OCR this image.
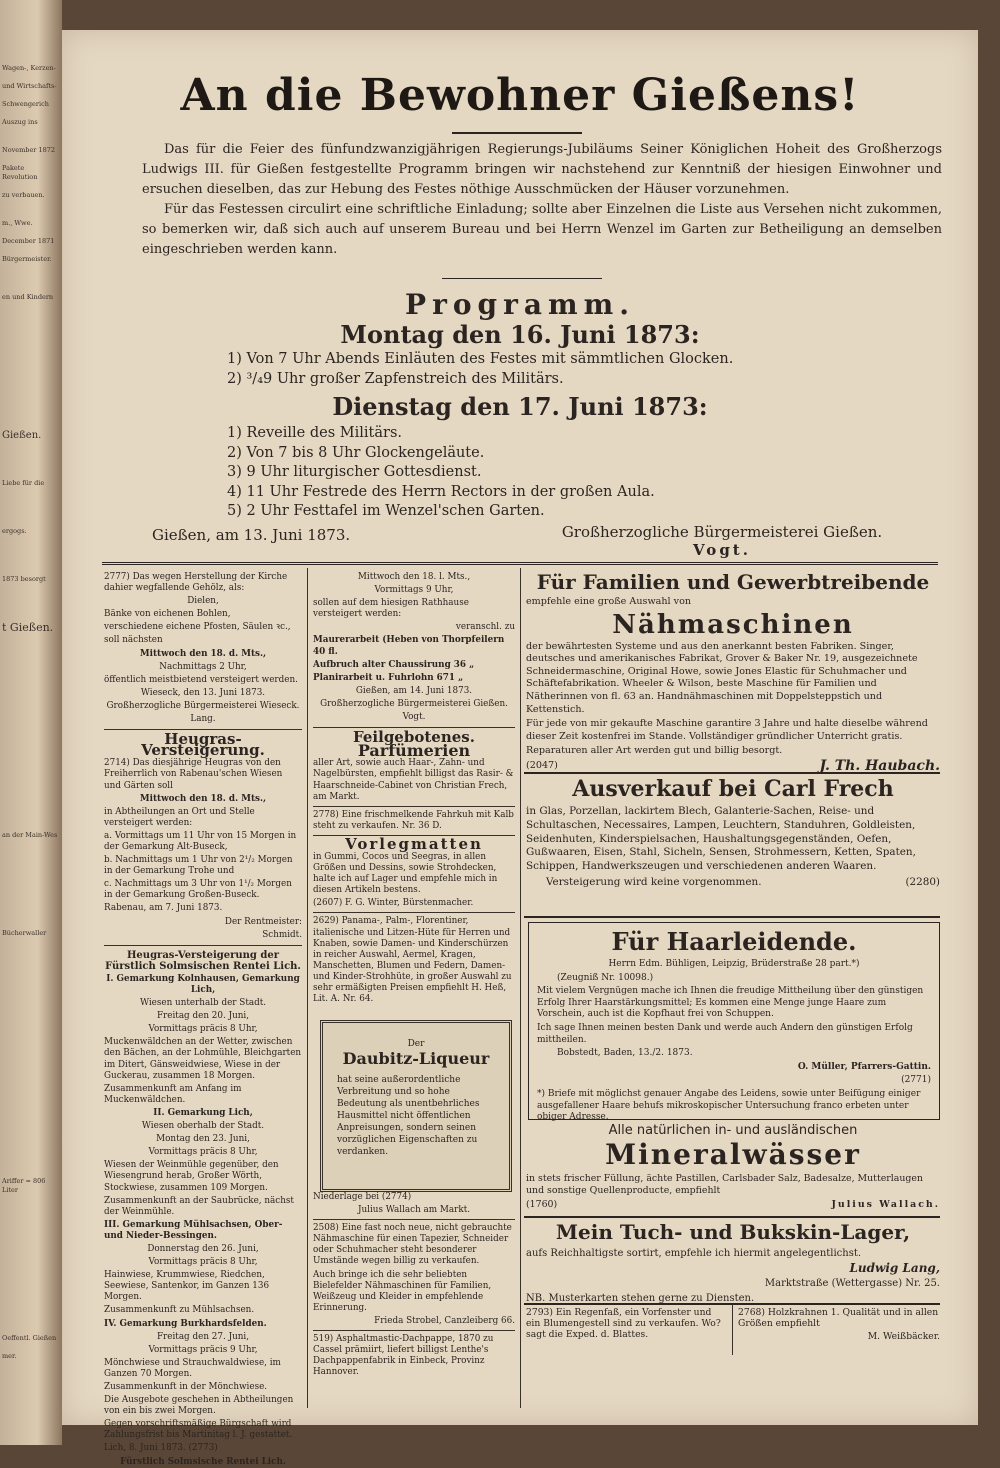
Wagen-, Kerzen-

und Wirtschafts-

Schwengerich

Auszug ins

November 1872

Pakete Revolution

zu verbauen.

m., Wwe.

December 1871

Bürgermeister.

en und Kindern

Gießen.

Liebe für die

ergogs.

1873 besorgt

t Gießen.

an der Main-Wes

Bücherwaller

Ariffer = 806 Liter

Oeffentl. Gießen

mer.

An die Bewohner Gießens!

Das für die Feier des fünfundzwanzigjährigen Regierungs-Jubiläums Seiner Königlichen Hoheit des Großherzogs Ludwigs III. für Gießen festgestellte Programm bringen wir nachstehend zur Kenntniß der hiesigen Einwohner und ersuchen dieselben, das zur Hebung des Festes nöthige Ausschmücken der Häuser vorzunehmen.

Für das Festessen circulirt eine schriftliche Einladung; sollte aber Einzelnen die Liste aus Versehen nicht zukommen, so bemerken wir, daß sich auch auf unserem Bureau und bei Herrn Wenzel im Garten zur Betheiligung an demselben eingeschrieben werden kann.

Programm.
Montag den 16. Juni 1873:
1) Von 7 Uhr Abends Einläuten des Festes mit sämmtlichen Glocken.
2) ³/₄9 Uhr großer Zapfenstreich des Militärs.
Dienstag den 17. Juni 1873:
1) Reveille des Militärs.
2) Von 7 bis 8 Uhr Glockengeläute.
3) 9 Uhr liturgischer Gottesdienst.
4) 11 Uhr Festrede des Herrn Rectors in der großen Aula.
5) 2 Uhr Festtafel im Wenzel'schen Garten.
Gießen, am 13. Juni 1873.	Großherzogliche Bürgermeisterei Gießen.
Vogt.

2777) Das wegen Herstellung der Kirche dahier wegfallende Gehölz, als:

Dielen,

Bänke von eichenen Bohlen,

verschiedene eichene Pfosten, Säulen ꝛc.,

soll nächsten

Mittwoch den 18. d. Mts.,

Nachmittags 2 Uhr,

öffentlich meistbietend versteigert werden.

Wieseck, den 13. Juni 1873.

Großherzogliche Bürgermeisterei Wieseck.

Lang.

Heugras-Versteigerung.

2714) Das diesjährige Heugras von den Freiherrlich von Rabenau'schen Wiesen und Gärten soll

Mittwoch den 18. d. Mts.,

in Abtheilungen an Ort und Stelle versteigert werden:

a. Vormittags um 11 Uhr von 15 Morgen in der Gemarkung Alt-Buseck,

b. Nachmittags um 1 Uhr von 2¹/₂ Morgen in der Gemarkung Trohe und

c. Nachmittags um 3 Uhr von 1¹/₂ Morgen in der Gemarkung Großen-Buseck.

Rabenau, am 7. Juni 1873.

Der Rentmeister:

Schmidt.

Heugras-Versteigerung der Fürstlich Solmsischen Rentei Lich.

I. Gemarkung Kolnhausen, Gemarkung Lich,

Wiesen unterhalb der Stadt.

Freitag den 20. Juni,

Vormittags präcis 8 Uhr,

Muckenwäldchen an der Wetter, zwischen den Bächen, an der Lohmühle, Bleichgarten im Ditert, Gänsweidwiese, Wiese in der Guckerau, zusammen 18 Morgen.

Zusammenkunft am Anfang im Muckenwäldchen.

II. Gemarkung Lich,

Wiesen oberhalb der Stadt.

Montag den 23. Juni,

Vormittags präcis 8 Uhr,

Wiesen der Weinmühle gegenüber, den Wiesengrund herab, Großer Wörth, Stockwiese, zusammen 109 Morgen.

Zusammenkunft an der Saubrücke, nächst der Weinmühle.

III. Gemarkung Mühlsachsen, Ober- und Nieder-Bessingen.

Donnerstag den 26. Juni,

Vormittags präcis 8 Uhr,

Hainwiese, Krummwiese, Riedchen, Seewiese, Santenkor, im Ganzen 136 Morgen.

Zusammenkunft zu Mühlsachsen.

IV. Gemarkung Burkhardsfelden.

Freitag den 27. Juni,

Vormittags präcis 9 Uhr,

Mönchwiese und Strauchwaldwiese, im Ganzen 70 Morgen.

Zusammenkunft in der Mönchwiese.

Die Ausgebote geschehen in Abtheilungen von ein bis zwei Morgen.

Gegen vorschriftsmäßige Bürgschaft wird Zahlungsfrist bis Martinitag l. J. gestattet.

Lich, 8. Juni 1873. (2773)

Fürstlich Solmsische Rentei Lich.

Mittwoch den 18. l. Mts.,

Vormittags 9 Uhr,

sollen auf dem hiesigen Rathhause versteigert werden:

veranschl. zu

Maurerarbeit (Heben von Thorpfeilern 40 fl.

Aufbruch alter Chaussirung 36 „

Planirarbeit u. Fuhrlohn 671 „

Gießen, am 14. Juni 1873.

Großherzogliche Bürgermeisterei Gießen.

Vogt.

Feilgebotenes.

Parfümerien

aller Art, sowie auch Haar-, Zahn- und Nagelbürsten, empfiehlt billigst das Rasir- & Haarschneide-Cabinet von Christian Frech, am Markt.

2778) Eine frischmelkende Fahrkuh mit Kalb steht zu verkaufen. Nr. 36 D.

Vorlegmatten

in Gummi, Cocos und Seegras, in allen Größen und Dessins, sowie Strohdecken, halte ich auf Lager und empfehle mich in diesen Artikeln bestens.

(2607) F. G. Winter, Bürstenmacher.

2629) Panama-, Palm-, Florentiner, italienische und Litzen-Hüte für Herren und Knaben, sowie Damen- und Kinderschürzen in reicher Auswahl, Aermel, Kragen, Manschetten, Blumen und Federn, Damen- und Kinder-Strohhüte, in großer Auswahl zu sehr ermäßigten Preisen empfiehlt H. Heß, Lit. A. Nr. 64.

Der
Daubitz-Liqueur
hat seine außerordentliche Verbreitung und so hohe Bedeutung als unentbehrliches Hausmittel nicht öffentlichen Anpreisungen, sondern seinen vorzüglichen Eigenschaften zu verdanken.

Niederlage bei (2774)

Julius Wallach am Markt.

2508) Eine fast noch neue, nicht gebrauchte Nähmaschine für einen Tapezier, Schneider oder Schuhmacher steht besonderer Umstände wegen billig zu verkaufen.

Auch bringe ich die sehr beliebten Bielefelder Nähmaschinen für Familien, Weißzeug und Kleider in empfehlende Erinnerung.

Frieda Strobel, Canzleiberg 66.

519) Asphaltmastic-Dachpappe, 1870 zu Cassel prämiirt, liefert billigst Lenthe's Dachpappenfabrik in Einbeck, Provinz Hannover.

Für Familien und Gewerbtreibende

empfehle eine große Auswahl von

Nähmaschinen

der bewährtesten Systeme und aus den anerkannt besten Fabriken. Singer, deutsches und amerikanisches Fabrikat, Grover & Baker Nr. 19, ausgezeichnete Schneidermaschine, Original Howe, sowie Jones Elastic für Schuhmacher und Schäftefabrikation. Wheeler & Wilson, beste Maschine für Familien und Nätherinnen von fl. 63 an. Handnähmaschinen mit Doppelsteppstich und Kettenstich.

Für jede von mir gekaufte Maschine garantire 3 Jahre und halte dieselbe während dieser Zeit kostenfrei im Stande. Vollständiger gründlicher Unterricht gratis.

Reparaturen aller Art werden gut und billig besorgt.

(2047)	J. Th. Haubach.

Ausverkauf bei Carl Frech

in Glas, Porzellan, lackirtem Blech, Galanterie-Sachen, Reise- und Schultaschen, Necessaires, Lampen, Leuchtern, Standuhren, Goldleisten, Seidenhuten, Kinderspielsachen, Haushaltungsgegenständen, Oefen, Gußwaaren, Eisen, Stahl, Sicheln, Sensen, Strohmessern, Ketten, Spaten, Schippen, Handwerkszeugen und verschiedenen anderen Waaren.

Versteigerung wird keine vorgenommen.	(2280)

Für Haarleidende.

Herrn Edm. Bühligen, Leipzig, Brüderstraße 28 part.*)

(Zeugniß Nr. 10098.)

Mit vielem Vergnügen mache ich Ihnen die freudige Mittheilung über den günstigen Erfolg Ihrer Haarstärkungsmittel; Es kommen eine Menge junge Haare zum Vorschein, auch ist die Kopfhaut frei von Schuppen.

Ich sage Ihnen meinen besten Dank und werde auch Andern den günstigen Erfolg mittheilen.

Bobstedt, Baden, 13./2. 1873.

O. Müller, Pfarrers-Gattin.

(2771)

*) Briefe mit möglichst genauer Angabe des Leidens, sowie unter Beifügung einiger ausgefallener Haare behufs mikroskopischer Untersuchung franco erbeten unter obiger Adresse.

Alle natürlichen in- und ausländischen

Mineralwässer

in stets frischer Füllung, ächte Pastillen, Carlsbader Salz, Badesalze, Mutterlaugen und sonstige Quellenproducte, empfiehlt

(1760)	Julius Wallach.

Mein Tuch- und Bukskin-Lager,

aufs Reichhaltigste sortirt, empfehle ich hiermit angelegentlichst.

Ludwig Lang,

Marktstraße (Wettergasse) Nr. 25.

NB. Musterkarten stehen gerne zu Diensten.

2793) Ein Regenfaß, ein Vorfenster und ein Blumengestell sind zu verkaufen. Wo? sagt die Exped. d. Blattes.

2768) Holzkrahnen 1. Qualität und in allen Größen empfiehlt

M. Weißbäcker.
